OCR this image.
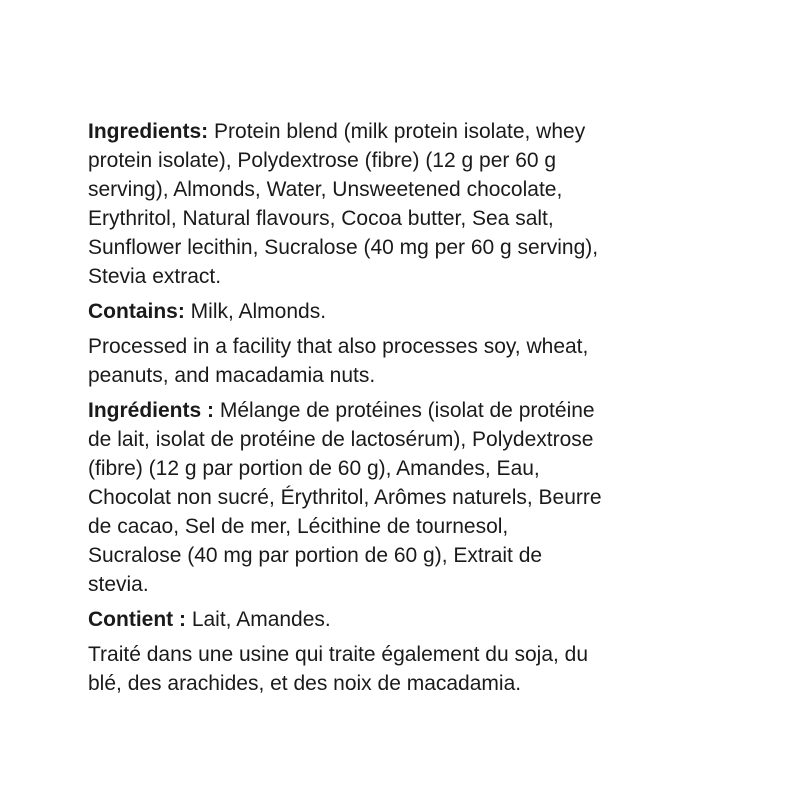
Ingredients: Protein blend (milk protein isolate, whey
protein isolate), Polydextrose (fibre) (12 g per 60 g
serving), Almonds, Water, Unsweetened chocolate,
Erythritol, Natural flavours, Cocoa butter, Sea salt,
Sunflower lecithin, Sucralose (40 mg per 60 g serving),
Stevia extract.

Contains: Milk, Almonds.

Processed in a facility that also processes soy, wheat,
peanuts, and macadamia nuts.

Ingrédients : Mélange de protéines (isolat de protéine
de lait, isolat de protéine de lactosérum), Polydextrose
(fibre) (12 g par portion de 60 g), Amandes, Eau,
Chocolat non sucré, Érythritol, Arômes naturels, Beurre
de cacao, Sel de mer, Lécithine de tournesol,
Sucralose (40 mg par portion de 60 g), Extrait de
stevia.

Contient : Lait, Amandes.

Traité dans une usine qui traite également du soja, du
blé, des arachides, et des noix de macadamia.
